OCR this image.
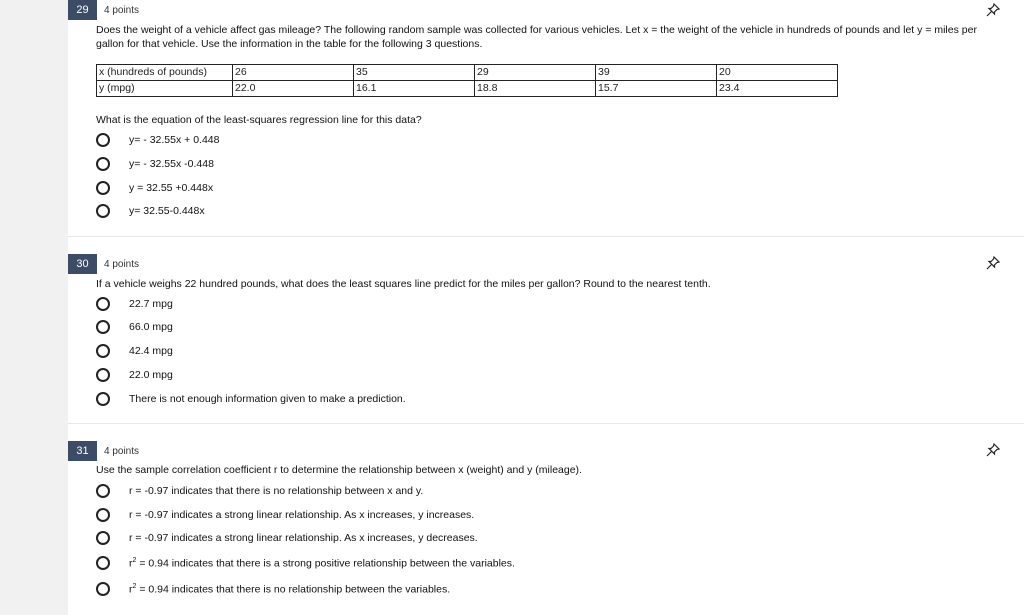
29	4 points
Does the weight of a vehicle affect gas mileage? The following random sample was collected for various vehicles. Let x = the weight of the vehicle in hundreds of pounds and let y = miles per gallon for that vehicle. Use the information in the table for the following 3 questions.
x (hundreds of pounds)	26	35	29	39	20
y (mpg)	22.0	16.1	18.8	15.7	23.4
What is the equation of the least-squares regression line for this data?
y= - 32.55x + 0.448
y= - 32.55x -0.448
y = 32.55 +0.448x
y= 32.55-0.448x
30	4 points
If a vehicle weighs 22 hundred pounds, what does the least squares line predict for the miles per gallon? Round to the nearest tenth.
22.7 mpg
66.0 mpg
42.4 mpg
22.0 mpg
There is not enough information given to make a prediction.
31	4 points
Use the sample correlation coefficient r to determine the relationship between x (weight) and y (mileage).
r = -0.97 indicates that there is no relationship between x and y.
r = -0.97 indicates a strong linear relationship. As x increases, y increases.
r = -0.97 indicates a strong linear relationship. As x increases, y decreases.
$r^2 = 0.94$ indicates that there is a strong positive relationship between the variables.
$r^2 = 0.94$ indicates that there is no relationship between the variables.
